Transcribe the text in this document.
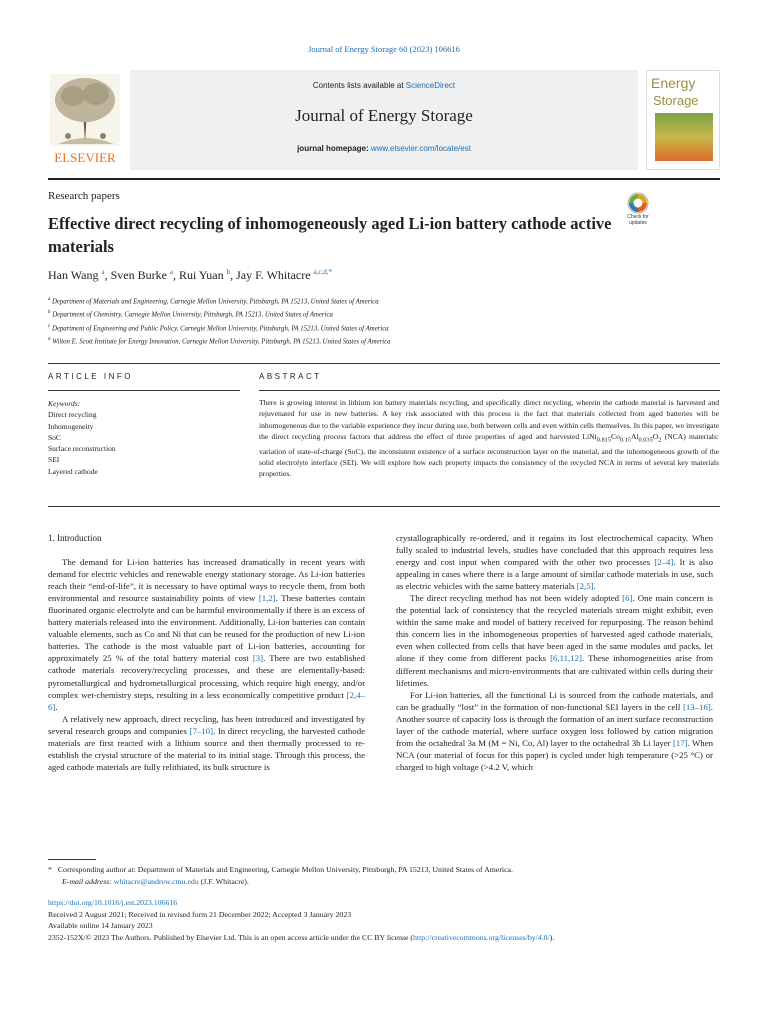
Journal of Energy Storage 60 (2023) 106616
ELSEVIER
Contents lists available at ScienceDirect
Journal of Energy Storage
journal homepage: www.elsevier.com/locate/est
Energy
Storage
Research papers
Effective direct recycling of inhomogeneously aged Li-ion battery cathode active materials
Check for
updates
Han Wang $^a$, Sven Burke $^a$, Rui Yuan $^b$, Jay F. Whitacre $^{a,c,d,*}$
$^a$ Department of Materials and Engineering, Carnegie Mellon University, Pittsburgh, PA 15213, United States of America
$^b$ Department of Chemistry, Carnegie Mellon University, Pittsburgh, PA 15213, United States of America
$^c$ Department of Engineering and Public Policy, Carnegie Mellon University, Pittsburgh, PA 15213, United States of America
$^d$ Wilton E. Scott Institute for Energy Innovation, Carnegie Mellon University, Pittsburgh, PA 15213, United States of America
ARTICLE INFO	ABSTRACT
Keywords:
Direct recycling
Inhomogeneity
SoC
Surface reconstruction
SEI
Layered cathode
There is growing interest in lithium ion battery materials recycling, and specifically direct recycling, wherein the cathode material is harvested and rejuvenated for use in new batteries. A key risk associated with this process is the fact that materials collected from aged batteries will be inhomogeneous due to the variable experience they incur during use, both between cells and even within cells themselves. In this paper, we investigate the direct recycling process factors that address the effect of three properties of aged and harvested $LiNi_{0.815}Co_{0.15}Al_{0.035}O_2$ (NCA) materials: variation of state-of-charge (SoC), the inconsistent existence of a surface reconstruction layer on the material, and the inhomogeneous growth of the solid electrolyte interface (SEI). We will explore how each property impacts the consistency of the recycled NCA in terms of several key materials properties.
1. Introduction

The demand for Li-ion batteries has increased dramatically in recent years with demand for electric vehicles and renewable energy stationary storage. As Li-ion batteries reach their “end-of-life”, it is necessary to have optimal ways to recycle them, from both environmental and resource sustainability points of view [1,2]. These batteries contain fluorinated organic electrolyte and can be harmful environmentally if there is an excess of battery materials released into the environment. Additionally, Li-ion batteries can contain valuable elements, such as Co and Ni that can be reused for the production of new Li-ion batteries. The cathode is the most valuable part of Li-ion batteries, accounting for approximately 25 % of the total battery material cost [3]. There are two established cathode materials recovery/recycling processes, and these are elementally-based: pyrometallurgical and hydrometallurgical processing, which require high energy, and/or complex wet-chemistry steps, resulting in a less economically competitive product [2,4–6].

A relatively new approach, direct recycling, has been introduced and investigated by several research groups and companies [7–10]. In direct recycling, the harvested cathode materials are first reacted with a lithium source and then thermally processed to re-establish the crystal structure of the material to its initial stage. Through this process, the aged cathode materials are fully relithiated, its bulk structure is

crystallographically re-ordered, and it regains its lost electrochemical capacity. When fully scaled to industrial levels, studies have concluded that this approach requires less energy and cost input when compared with the other two processes [2–4]. It is also appealing in cases where there is a large amount of similar cathode materials in use, such as electric vehicles with the same battery materials [2,5].

The direct recycling method has not been widely adopted [6]. One main concern is the potential lack of consistency that the recycled materials stream might exhibit, even within the same make and model of battery received for repurposing. The reason behind this concern lies in the inhomogeneous properties of harvested aged cathode materials, even when collected from cells that have been aged in the same modules and packs, let alone if they come from different packs [6,11,12]. These inhomogeneities arise from different mechanisms and micro-environments that are cultivated within cells during their lifetimes.

For Li-ion batteries, all the functional Li is sourced from the cathode materials, and can be gradually “lost” in the formation of non-functional SEI layers in the cell [13–16]. Another source of capacity loss is through the formation of an inert surface reconstruction layer of the cathode material, where surface oxygen loss followed by cation migration from the octahedral 3a M (M = Ni, Co, Al) layer to the octahedral 3b Li layer [17]. When NCA (our material of focus for this paper) is cycled under high temperature (>25 °C) or charged to high voltage (>4.2 V, which

* Corresponding author at: Department of Materials and Engineering, Carnegie Mellon University, Pittsburgh, PA 15213, United States of America.
E-mail address: whitacre@andrew.cmu.edu (J.F. Whitacre).
https://doi.org/10.1016/j.est.2023.106616
Received 2 August 2021; Received in revised form 21 December 2022; Accepted 3 January 2023
Available online 14 January 2023
2352-152X/© 2023 The Authors. Published by Elsevier Ltd. This is an open access article under the CC BY license (http://creativecommons.org/licenses/by/4.0/).
